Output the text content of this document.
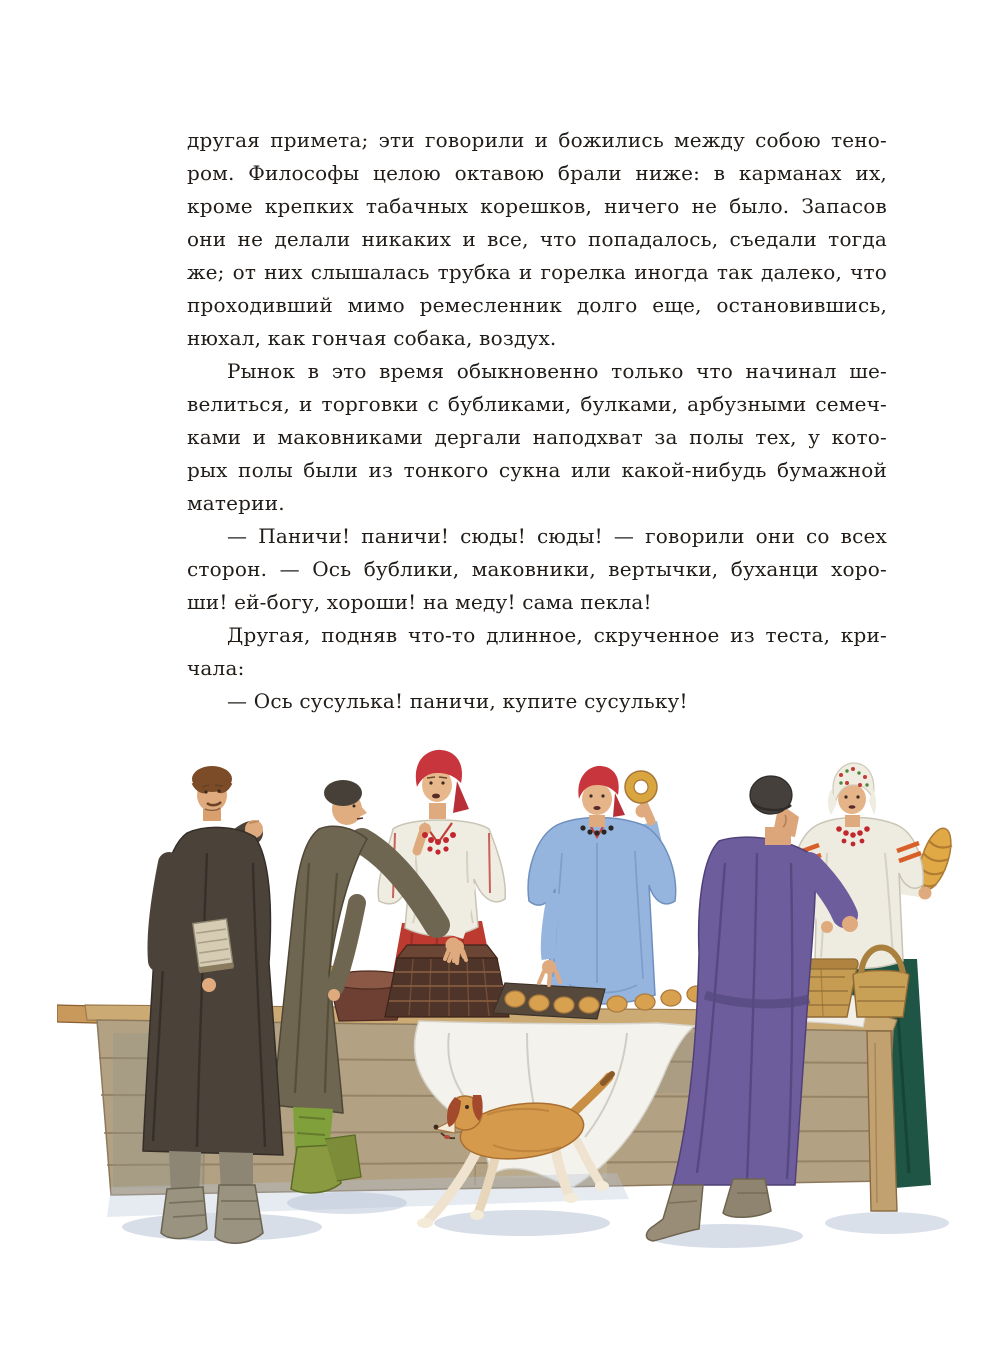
другая примета; эти говорили и божились между собою тено-
ром. Философы целою октавою брали ниже: в карманах их,
кроме крепких табачных корешков, ничего не было. Запасов
они не делали никаких и все, что попадалось, съедали тогда
же; от них слышалась трубка и горелка иногда так далеко, что
проходивший мимо ремесленник долго еще, остановившись,
нюхал, как гончая собака, воздух.
Рынок в это время обыкновенно только что начинал ше-
велиться, и торговки с бубликами, булками, арбузными семеч-
ками и маковниками дергали наподхват за полы тех, у кото-
рых полы были из тонкого сукна или какой-нибудь бумажной
материи.
— Паничи! паничи! сюды! сюды! — говорили они со всех
сторон. — Ось бублики, маковники, вертычки, буханци хоро-
ши! ей-богу, хороши! на меду! сама пекла!
Другая, подняв что-то длинное, скрученное из теста, кри-
чала:
— Ось сусулька! паничи, купите сусульку!
